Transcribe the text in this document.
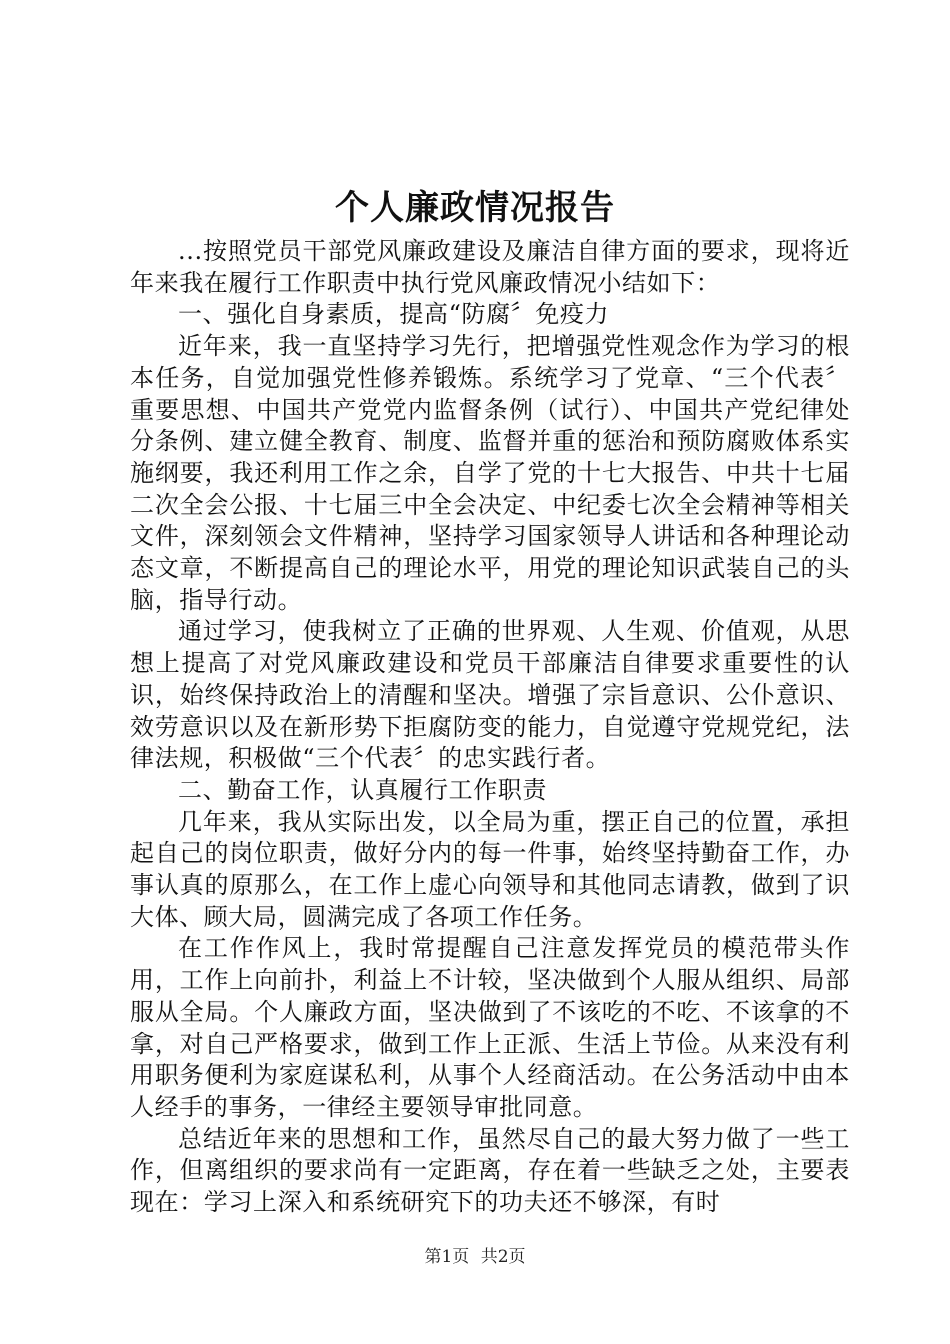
个人廉政情况报告

...按照党员干部党风廉政建设及廉洁自律方面的要求，现将近年来我在履行工作职责中执行党风廉政情况小结如下：

一、强化自身素质，提高“防腐〞免疫力

近年来，我一直坚持学习先行，把增强党性观念作为学习的根本任务，自觉加强党性修养锻炼。系统学习了党章、“三个代表〞重要思想、中国共产党党内监督条例（试行）、中国共产党纪律处分条例、建立健全教育、制度、监督并重的惩治和预防腐败体系实施纲要，我还利用工作之余，自学了党的十七大报告、中共十七届二次全会公报、十七届三中全会决定、中纪委七次全会精神等相关文件，深刻领会文件精神，坚持学习国家领导人讲话和各种理论动态文章，不断提高自己的理论水平，用党的理论知识武装自己的头脑，指导行动。

通过学习，使我树立了正确的世界观、人生观、价值观，从思想上提高了对党风廉政建设和党员干部廉洁自律要求重要性的认识，始终保持政治上的清醒和坚决。增强了宗旨意识、公仆意识、效劳意识以及在新形势下拒腐防变的能力，自觉遵守党规党纪，法律法规，积极做“三个代表〞的忠实践行者。

二、勤奋工作，认真履行工作职责

几年来，我从实际出发，以全局为重，摆正自己的位置，承担起自己的岗位职责，做好分内的每一件事，始终坚持勤奋工作，办事认真的原那么，在工作上虚心向领导和其他同志请教，做到了识大体、顾大局，圆满完成了各项工作任务。

在工作作风上，我时常提醒自己注意发挥党员的模范带头作用，工作上向前扑，利益上不计较，坚决做到个人服从组织、局部服从全局。个人廉政方面，坚决做到了不该吃的不吃、不该拿的不拿，对自己严格要求，做到工作上正派、生活上节俭。从来没有利用职务便利为家庭谋私利，从事个人经商活动。在公务活动中由本人经手的事务，一律经主要领导审批同意。

总结近年来的思想和工作，虽然尽自己的最大努力做了一些工作，但离组织的要求尚有一定距离，存在着一些缺乏之处，主要表现在：学习上深入和系统研究下的功夫还不够深，有时

第1页 共2页
